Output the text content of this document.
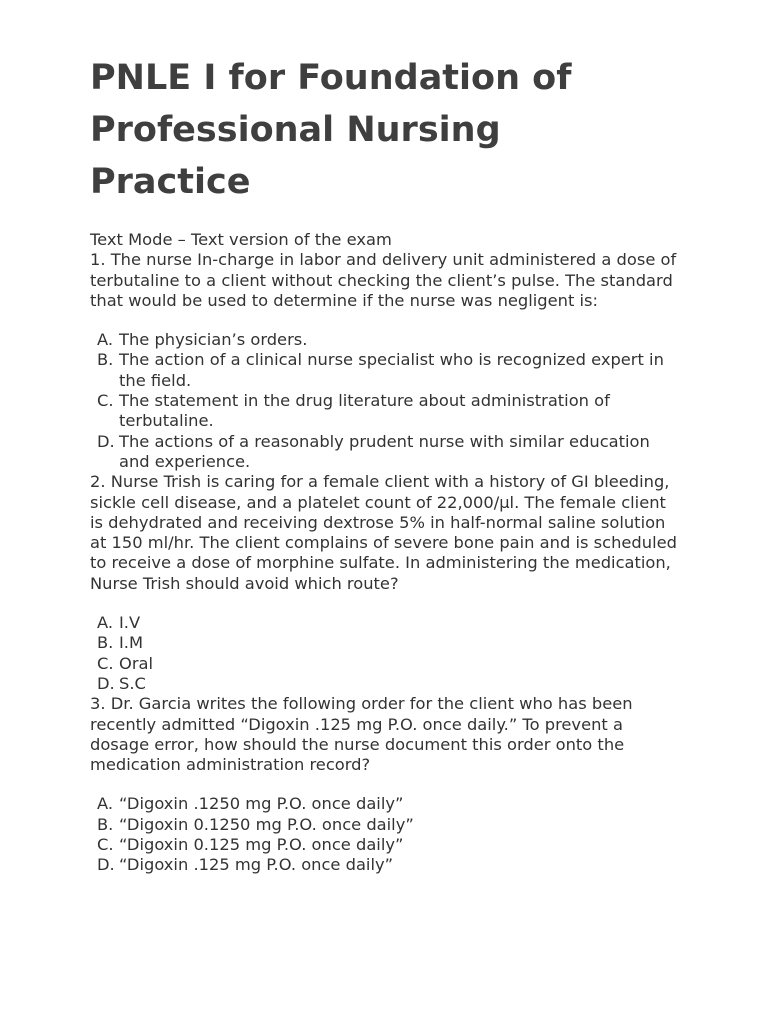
PNLE I for Foundation of Professional Nursing Practice

Text Mode – Text version of the exam

1. The nurse In-charge in labor and delivery unit administered a dose of terbutaline to a client without checking the client’s pulse. The standard that would be used to determine if the nurse was negligent is:

A. The physician’s orders.
B. The action of a clinical nurse specialist who is recognized expert in the field.
C. The statement in the drug literature about administration of terbutaline.
D. The actions of a reasonably prudent nurse with similar education and experience.

2. Nurse Trish is caring for a female client with a history of GI bleeding, sickle cell disease, and a platelet count of 22,000/µl. The female client is dehydrated and receiving dextrose 5% in half-normal saline solution at 150 ml/hr. The client complains of severe bone pain and is scheduled to receive a dose of morphine sulfate. In administering the medication, Nurse Trish should avoid which route?

A. I.V
B. I.M
C. Oral
D. S.C

3. Dr. Garcia writes the following order for the client who has been recently admitted “Digoxin .125 mg P.O. once daily.” To prevent a dosage error, how should the nurse document this order onto the medication administration record?

A. “Digoxin .1250 mg P.O. once daily”
B. “Digoxin 0.1250 mg P.O. once daily”
C. “Digoxin 0.125 mg P.O. once daily”
D. “Digoxin .125 mg P.O. once daily”
